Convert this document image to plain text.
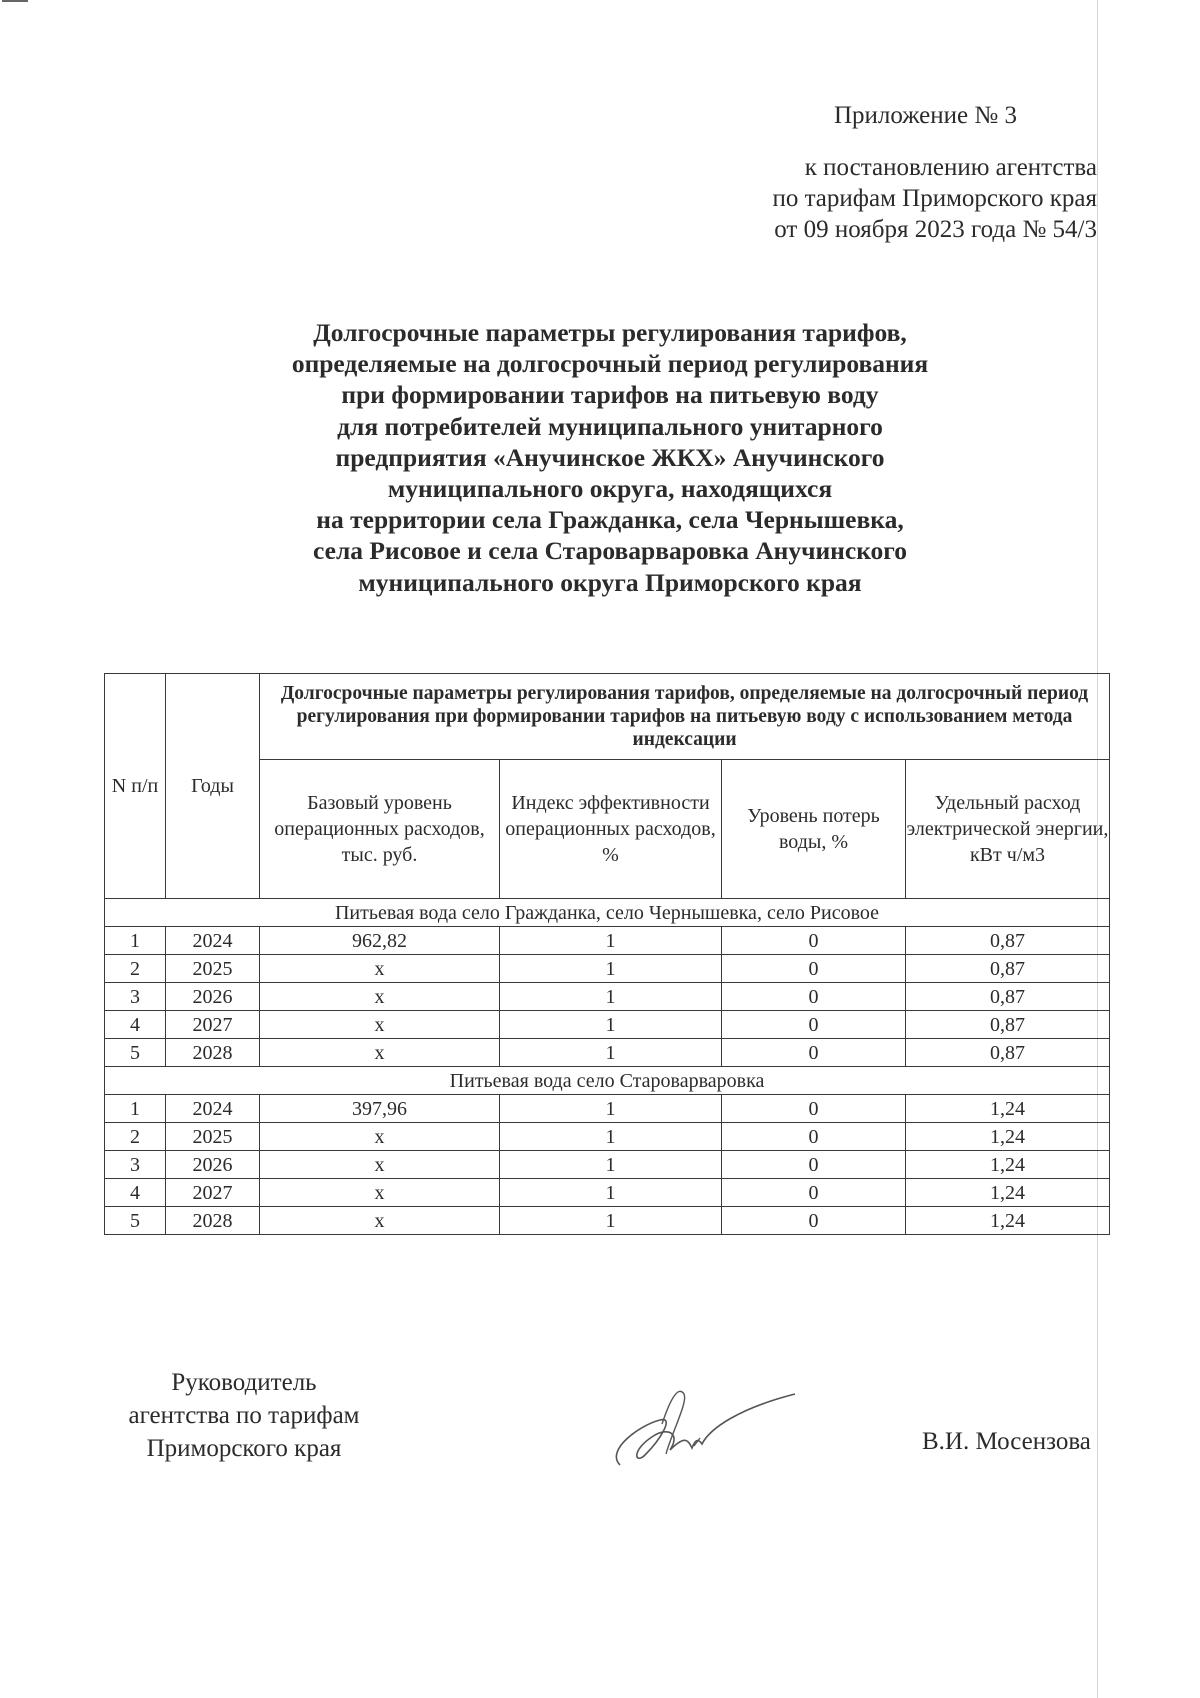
Приложение № 3
к постановлению агентства
по тарифам Приморского края
от 09 ноября 2023 года № 54/3
Долгосрочные параметры регулирования тарифов,
определяемые на долгосрочный период регулирования
при формировании тарифов на питьевую воду
для потребителей муниципального унитарного
предприятия «Анучинское ЖКХ» Анучинского
муниципального округа, находящихся
на территории села Гражданка, села Чернышевка,
села Рисовое и села Староварваровка Анучинского
муниципального округа Приморского края
N п/п	Годы	Долгосрочные параметры регулирования тарифов, определяемые на долгосрочный период регулирования при формировании тарифов на питьевую воду с использованием метода индексации			
		Базовый уровень операционных расходов, тыс. руб.	Индекс эффективности операционных расходов, %	Уровень потерь воды, %	Удельный расход электрической энергии, кВт ч/м3
Питьевая вода село Гражданка, село Чернышевка, село Рисовое					
1	2024	962,82	1	0	0,87
2	2025	х	1	0	0,87
3	2026	х	1	0	0,87
4	2027	х	1	0	0,87
5	2028	х	1	0	0,87
Питьевая вода село Староварваровка					
1	2024	397,96	1	0	1,24
2	2025	х	1	0	1,24
3	2026	х	1	0	1,24
4	2027	х	1	0	1,24
5	2028	х	1	0	1,24
Руководитель
агентства по тарифам
Приморского края	В.И. Мосензова
